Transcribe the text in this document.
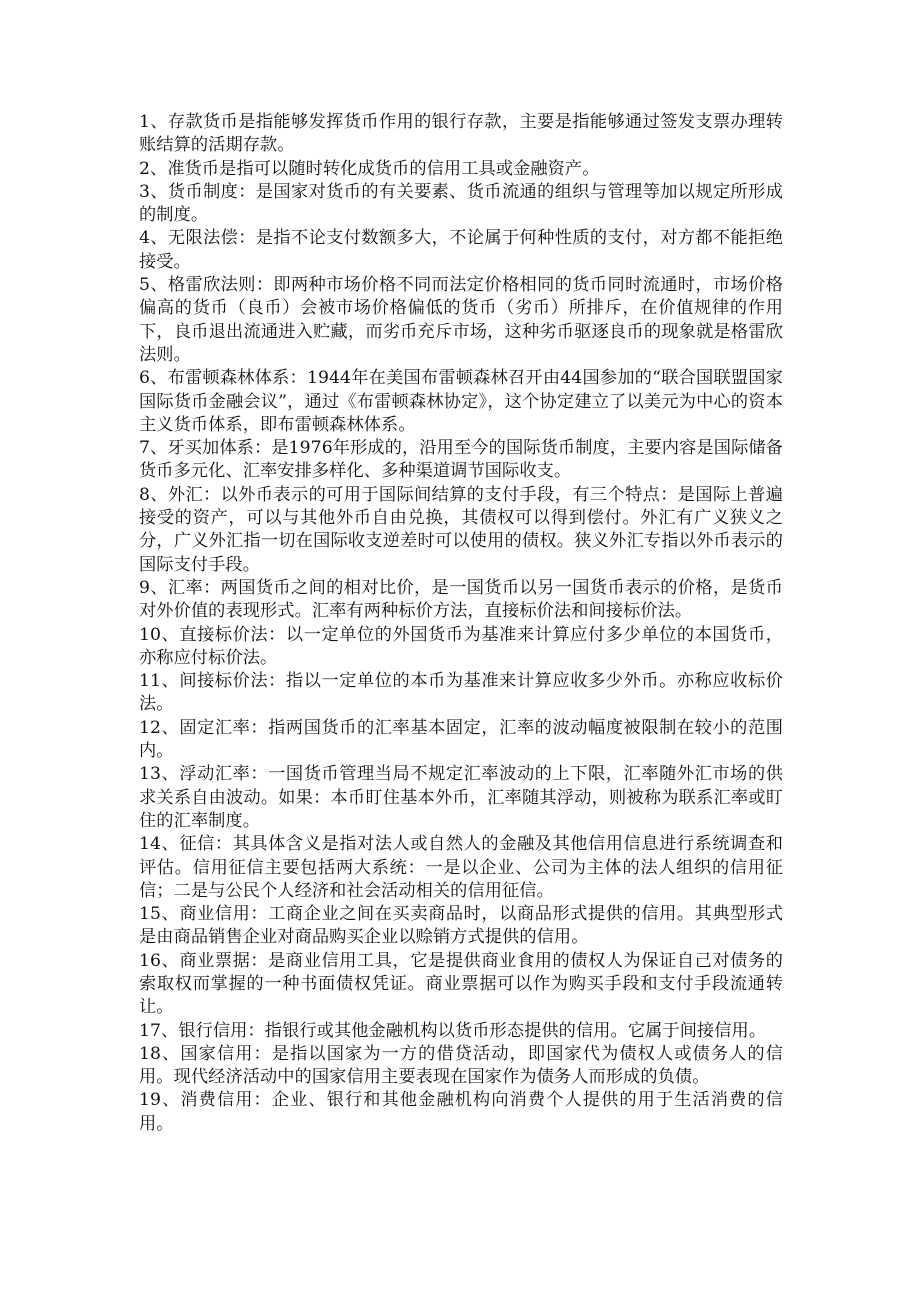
1、存款货币是指能够发挥货币作用的银行存款，主要是指能够通过签发支票办理转账结算的活期存款。

2、准货币是指可以随时转化成货币的信用工具或金融资产。

3、货币制度：是国家对货币的有关要素、货币流通的组织与管理等加以规定所形成的制度。

4、无限法偿：是指不论支付数额多大，不论属于何种性质的支付，对方都不能拒绝接受。

5、格雷欣法则：即两种市场价格不同而法定价格相同的货币同时流通时，市场价格偏高的货币（良币）会被市场价格偏低的货币（劣币）所排斥，在价值规律的作用下，良币退出流通进入贮藏，而劣币充斥市场，这种劣币驱逐良币的现象就是格雷欣法则。

6、布雷顿森林体系：1944年在美国布雷顿森林召开由44国参加的“联合国联盟国家国际货币金融会议”，通过《布雷顿森林协定》，这个协定建立了以美元为中心的资本主义货币体系，即布雷顿森林体系。

7、牙买加体系：是1976年形成的，沿用至今的国际货币制度，主要内容是国际储备货币多元化、汇率安排多样化、多种渠道调节国际收支。

8、外汇：以外币表示的可用于国际间结算的支付手段，有三个特点：是国际上普遍接受的资产，可以与其他外币自由兑换，其债权可以得到偿付。外汇有广义狭义之分，广义外汇指一切在国际收支逆差时可以使用的债权。狭义外汇专指以外币表示的国际支付手段。

9、汇率：两国货币之间的相对比价，是一国货币以另一国货币表示的价格，是货币对外价值的表现形式。汇率有两种标价方法，直接标价法和间接标价法。

10、直接标价法：以一定单位的外国货币为基准来计算应付多少单位的本国货币，亦称应付标价法。

11、间接标价法：指以一定单位的本币为基准来计算应收多少外币。亦称应收标价法。

12、固定汇率：指两国货币的汇率基本固定，汇率的波动幅度被限制在较小的范围内。

13、浮动汇率：一国货币管理当局不规定汇率波动的上下限，汇率随外汇市场的供求关系自由波动。如果：本币盯住基本外币，汇率随其浮动，则被称为联系汇率或盯住的汇率制度。

14、征信：其具体含义是指对法人或自然人的金融及其他信用信息进行系统调查和评估。信用征信主要包括两大系统：一是以企业、公司为主体的法人组织的信用征信；二是与公民个人经济和社会活动相关的信用征信。

15、商业信用：工商企业之间在买卖商品时，以商品形式提供的信用。其典型形式是由商品销售企业对商品购买企业以赊销方式提供的信用。

16、商业票据：是商业信用工具，它是提供商业食用的债权人为保证自己对债务的索取权而掌握的一种书面债权凭证。商业票据可以作为购买手段和支付手段流通转让。

17、银行信用：指银行或其他金融机构以货币形态提供的信用。它属于间接信用。

18、国家信用：是指以国家为一方的借贷活动，即国家代为债权人或债务人的信用。现代经济活动中的国家信用主要表现在国家作为债务人而形成的负债。

19、消费信用：企业、银行和其他金融机构向消费个人提供的用于生活消费的信用。
